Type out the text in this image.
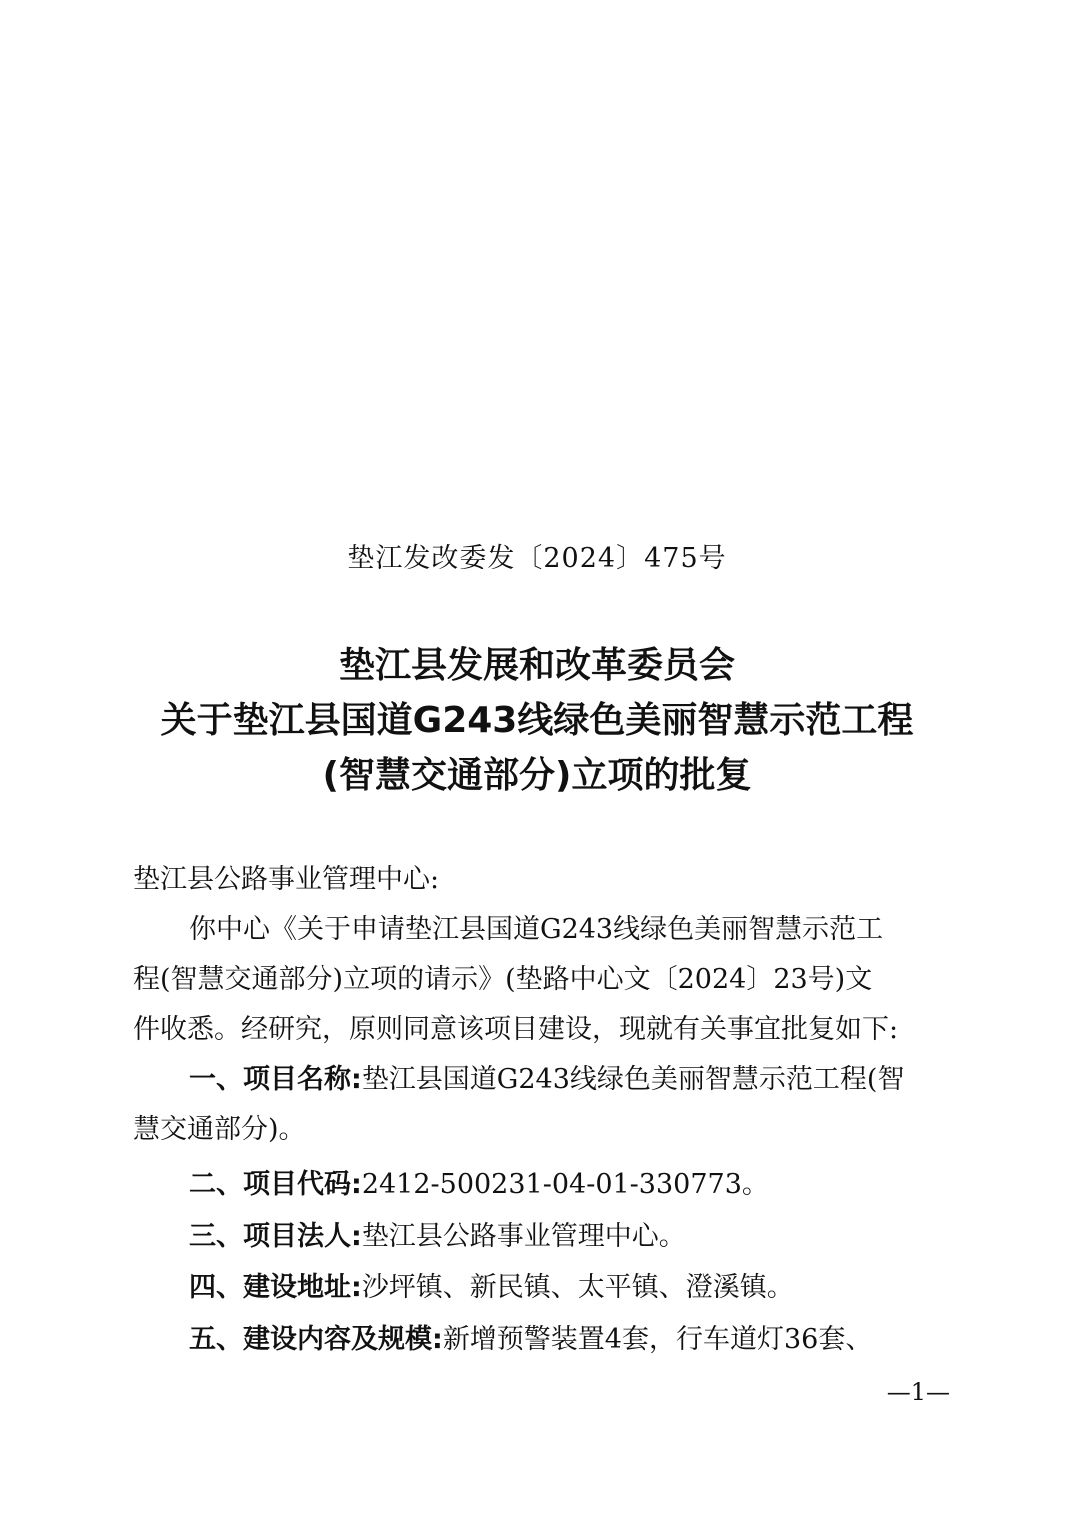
垫江发改委发〔2024〕475号
垫江县发展和改革委员会
关于垫江县国道G243线绿色美丽智慧示范工程
(智慧交通部分)立项的批复
垫江县公路事业管理中心:
你中心《关于申请垫江县国道G243线绿色美丽智慧示范工
程(智慧交通部分)立项的请示》(垫路中心文〔2024〕23号)文
件收悉。经研究，原则同意该项目建设，现就有关事宜批复如下:
一、项目名称:垫江县国道G243线绿色美丽智慧示范工程(智
慧交通部分)。
二、项目代码:2412-500231-04-01-330773。
三、项目法人:垫江县公路事业管理中心。
四、建设地址:沙坪镇、新民镇、太平镇、澄溪镇。
五、建设内容及规模:新增预警装置4套，行车道灯36套、
—1—
